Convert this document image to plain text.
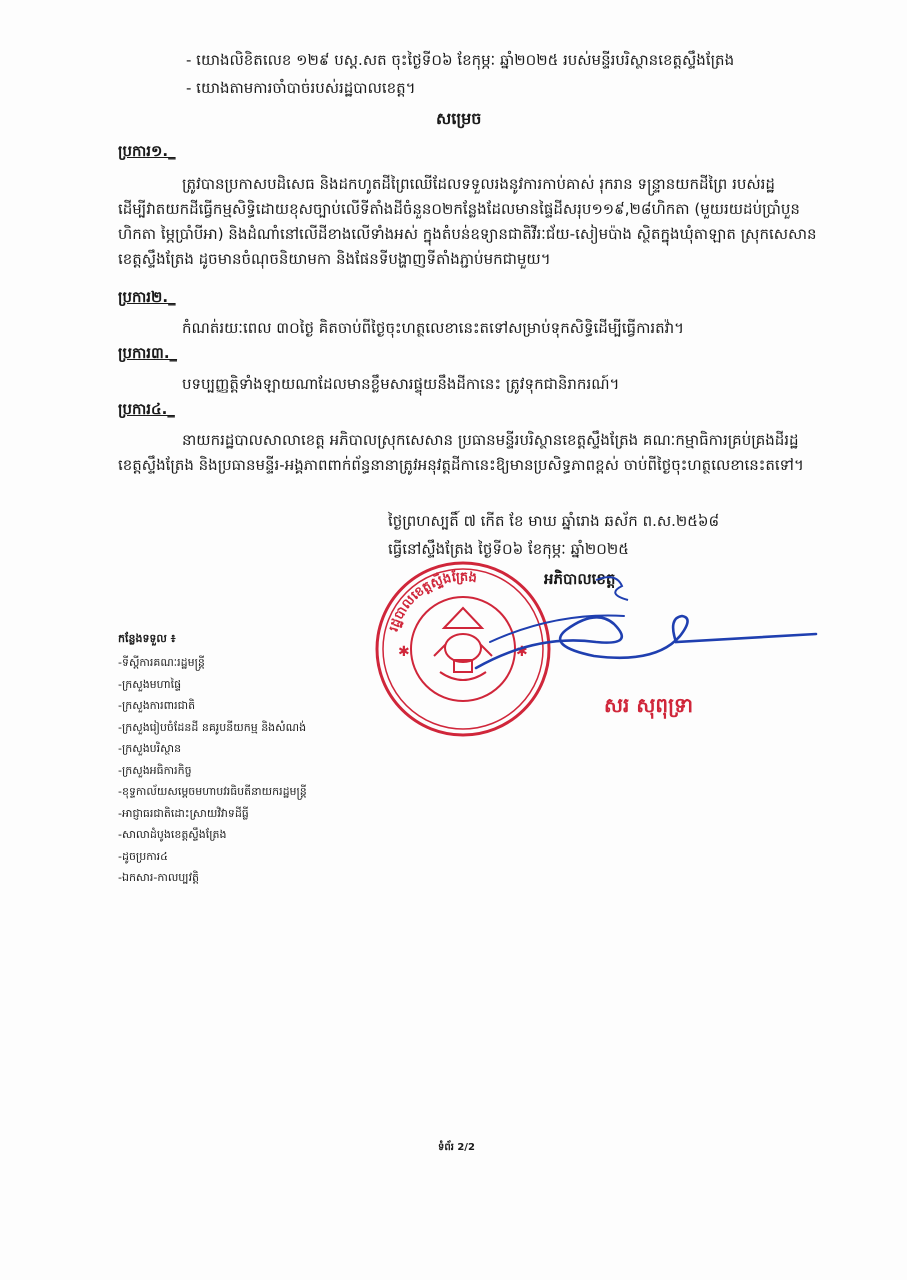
- យោងលិខិតលេខ ១២៩ បស្ត.សត ចុះថ្ងៃទី០៦ ខែកុម្ភៈ ឆ្នាំ២០២៥ របស់មន្ទីរបរិស្ថានខេត្តស្ទឹងត្រែង
- យោងតាមការចាំបាច់របស់រដ្ឋបាលខេត្ត។
សម្រេច
ប្រការ១._

ត្រូវបានប្រកាសបដិសេធ និងដកហូតដីព្រៃឈើដែលទទួលរងនូវការកាប់គាស់ រុករាន ទន្ទ្រានយកដីព្រៃ របស់រដ្ឋដើម្បីវាតយកដីធ្វើកម្មសិទ្ធិដោយខុសច្បាប់លើទីតាំងដីចំនួន០២កន្លែងដែលមានផ្ទៃដីសរុប១១៩,២៨ហិកតា (មួយរយដប់ប្រាំបួនហិកតា ម្ភៃប្រាំបីអា) និងដំណាំនៅលើដីខាងលើទាំងអស់ ក្នុងតំបន់ឧទ្យានជាតិវីរៈជ័យ-សៀមប៉ាង ស្ថិតក្នុងឃុំតាឡាត ស្រុកសេសាន ខេត្តស្ទឹងត្រែង ដូចមានចំណុចនិយាមកា និងផែនទីបង្ហាញទីតាំងភ្ជាប់មកជាមួយ។

ប្រការ២._

កំណត់រយៈពេល ៣០ថ្ងៃ គិតចាប់ពីថ្ងៃចុះហត្ថលេខានេះតទៅសម្រាប់ទុកសិទ្ធិដើម្បីធ្វើការតវ៉ា។

ប្រការ៣._

បទប្បញ្ញត្តិទាំងឡាយណាដែលមានខ្លឹមសារផ្ទុយនឹងដីកានេះ ត្រូវទុកជានិរាករណ៍។

ប្រការ៤._

នាយករដ្ឋបាលសាលាខេត្ត អភិបាលស្រុកសេសាន ប្រធានមន្ទីរបរិស្ថានខេត្តស្ទឹងត្រែង គណៈកម្មាធិការគ្រប់គ្រងដីរដ្ឋខេត្តស្ទឹងត្រែង និងប្រធានមន្ទីរ-អង្គភាពពាក់ព័ន្ធនានាត្រូវអនុវត្តដីកានេះឱ្យមានប្រសិទ្ធភាពខ្ពស់ ចាប់ពីថ្ងៃចុះហត្ថលេខានេះតទៅ។

ថ្ងៃព្រហស្បតិ៍ ៧ កើត ខែ មាឃ ឆ្នាំរោង ឆស័ក ព.ស.២៥៦៨
ធ្វើនៅស្ទឹងត្រែង ថ្ងៃទី០៦ ខែកុម្ភៈ ឆ្នាំ២០២៥
អភិបាលខេត្ត
រដ្ឋបាលខេត្តស្ទឹងត្រែង
✱	✱
សរ សុពុទ្រា
កន្លែងទទួល ៖
-ទីស្តីការគណៈរដ្ឋមន្ត្រី
-ក្រសួងមហាផ្ទៃ
-ក្រសួងការពារជាតិ
-ក្រសួងរៀបចំដែនដី នគរូបនីយកម្ម និងសំណង់
-ក្រសួងបរិស្ថាន
-ក្រសួងអធិការកិច្ច
-ខុទ្ទកាល័យសម្តេចមហាបវរធិបតីនាយករដ្ឋមន្ត្រី
-អាជ្ញាធរជាតិដោះស្រាយវិវាទដីធ្លី
-សាលាដំបូងខេត្តស្ទឹងត្រែង
-ដូចប្រការ៤
-ឯកសារ-កាលប្បវត្តិ
ទំព័រ 2/2
